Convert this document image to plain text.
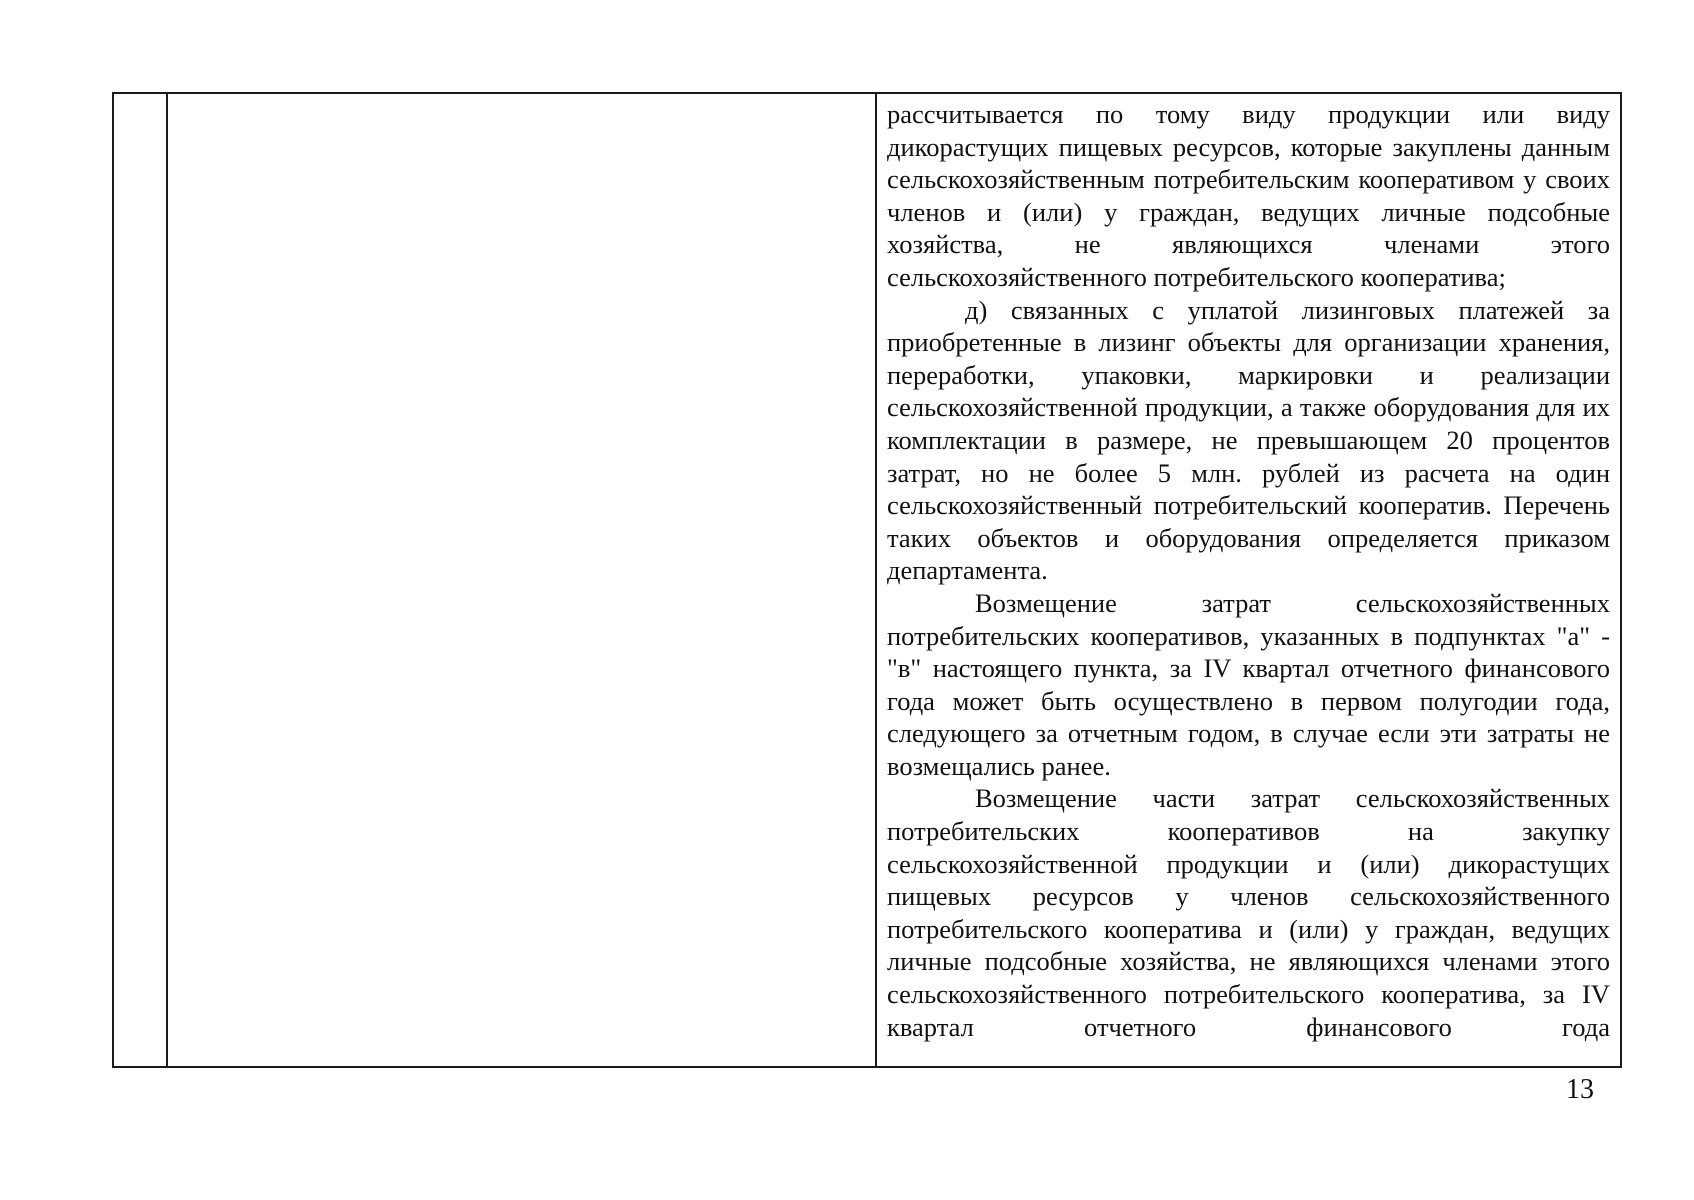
рассчитывается по тому виду продукции или виду дикорастущих пищевых ресурсов, которые закуплены данным сельскохозяйственным потребительским кооперативом у своих членов и (или) у граждан, ведущих личные подсобные хозяйства, не являющихся членами этого сельскохозяйственного потребительского кооператива;

д) связанных с уплатой лизинговых платежей за приобретенные в лизинг объекты для организации хранения, переработки, упаковки, маркировки и реализации сельскохозяйственной продукции, а также оборудования для их комплектации в размере, не превышающем 20 процентов затрат, но не более 5 млн. рублей из расчета на один сельскохозяйственный потребительский кооператив. Перечень таких объектов и оборудования определяется приказом департамента.

Возмещение затрат сельскохозяйственных потребительских кооперативов, указанных в подпунктах "а" - "в" настоящего пункта, за IV квартал отчетного финансового года может быть осуществлено в первом полугодии года, следующего за отчетным годом, в случае если эти затраты не возмещались ранее.

Возмещение части затрат сельскохозяйственных потребительских кооперативов на закупку сельскохозяйственной продукции и (или) дикорастущих пищевых ресурсов у членов сельскохозяйственного потребительского кооператива и (или) у граждан, ведущих личные подсобные хозяйства, не являющихся членами этого сельскохозяйственного потребительского кооператива, за IV квартал отчетного финансового года

13
